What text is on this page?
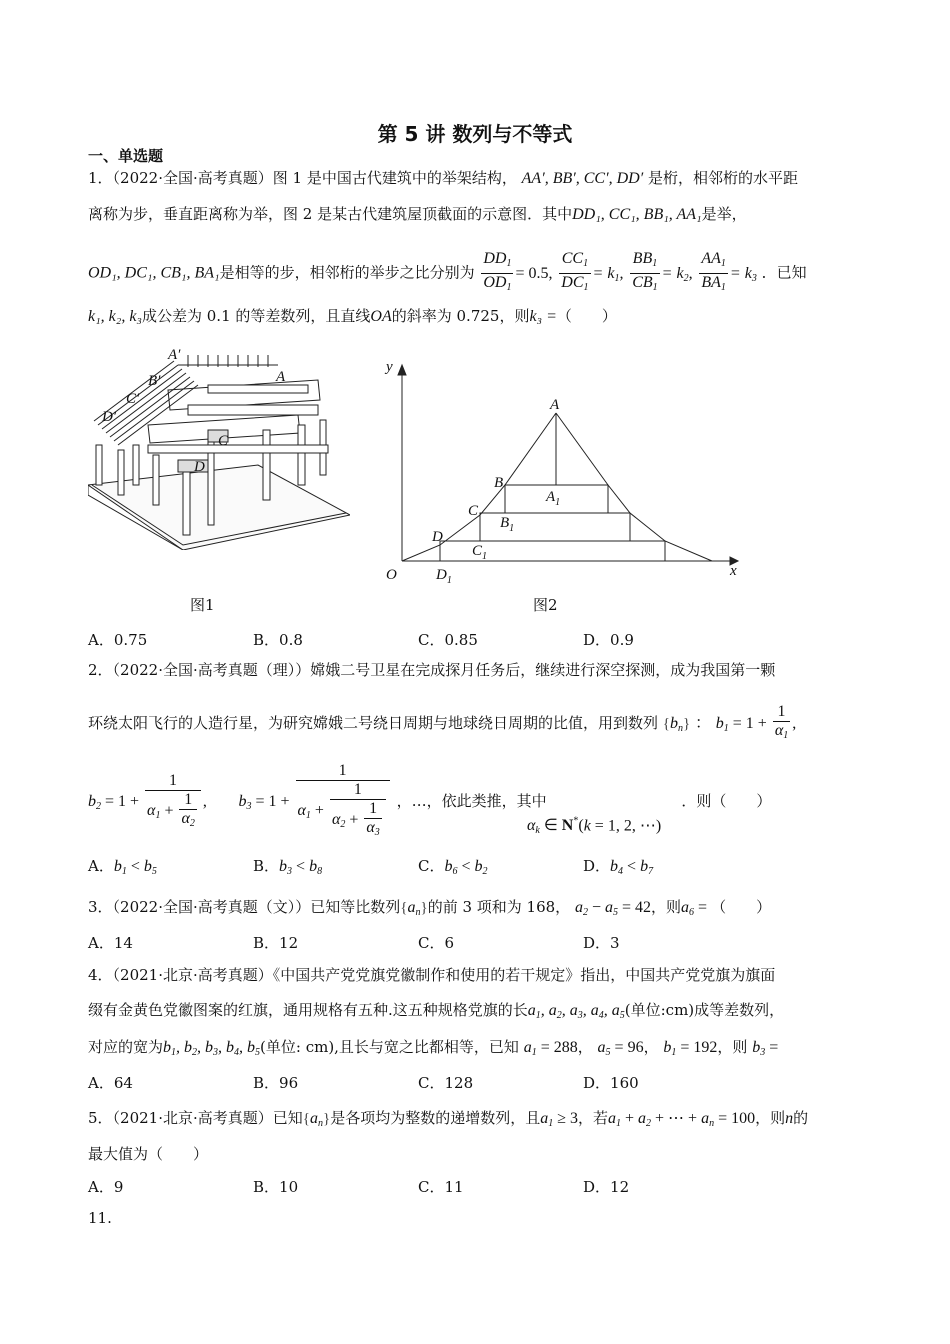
第 5 讲 数列与不等式
一、单选题
1．（2022·全国·高考真题）图 1 是中国古代建筑中的举架结构， AA′, BB′, CC′, DD′ 是桁，相邻桁的水平距
离称为步，垂直距离称为举，图 2 是某古代建筑屋顶截面的示意图．其中DD₁, CC₁, BB₁, AA₁是举，
OD₁, DC₁, CB₁, BA₁是相等的步，相邻桁的举步之比分别为 $\frac{DD_1}{OD_1} = 0.5$, $\frac{CC_1}{DC_1} = k_1$, $\frac{BB_1}{CB_1} = k_2$, $\frac{AA_1}{BA_1} = k_3$ ．已知
k₁, k₂, k₃成公差为 0.1 的等差数列，且直线OA的斜率为 0.725，则k₃ =（　　）
A′
A
B′
C′
D′
C
D
图1
y
x
O
A
B
C
D
$A_1$
$B_1$
$C_1$
$D_1$
图2
A．0.75	B．0.8	C．0.85	D．0.9
2．（2022·全国·高考真题（理））嫦娥二号卫星在完成探月任务后，继续进行深空探测，成为我国第一颗
环绕太阳飞行的人造行星，为研究嫦娥二号绕日周期与地球绕日周期的比值，用到数列 $\{b_n\}$ ： $b_1 = 1 + \frac{1}{\alpha_1}$ ,
$b_2 = 1 + \frac{1}{\alpha_1 + \frac{1}{\alpha_2}}$ , $b_3 = 1 + \frac{1}{\alpha_1 + \frac{1}{\alpha_2 + \frac{1}{\alpha_3}}}$ ，…，依此类推，其中	．则（　　）
$\alpha_k$ ∈ N*(k = 1, 2, ⋯)
A．$b_1 < b_5$	B．$b_3 < b_8$	C．$b_6 < b_2$	D．$b_4 < b_7$
3．（2022·全国·高考真题（文））已知等比数列$\{a_n\}$的前 3 项和为 168， $a_2 - a_5 = 42$，则$a_6$ = （　　）
A．14	B．12	C．6	D．3
4．（2021·北京·高考真题）《中国共产党党旗党徽制作和使用的若干规定》指出，中国共产党党旗为旗面
缀有金黄色党徽图案的红旗，通用规格有五种.这五种规格党旗的长$a_1$, $a_2$, $a_3$, $a_4$, $a_5$(单位:cm)成等差数列，
对应的宽为$b_1$, $b_2$, $b_3$, $b_4$, $b_5$(单位: cm),且长与宽之比都相等，已知 $a_1 = 288$， $a_5 = 96$， $b_1 = 192$，则 $b_3$ =
A．64	B．96	C．128	D．160
5．（2021·北京·高考真题）已知$\{a_n\}$是各项均为整数的递增数列，且$a_1 \ge 3$，若$a_1 + a_2$ + ⋯ + $a_n = 100$，则n的
最大值为（　　）
A．9	B．10	C．11	D．12
11.
